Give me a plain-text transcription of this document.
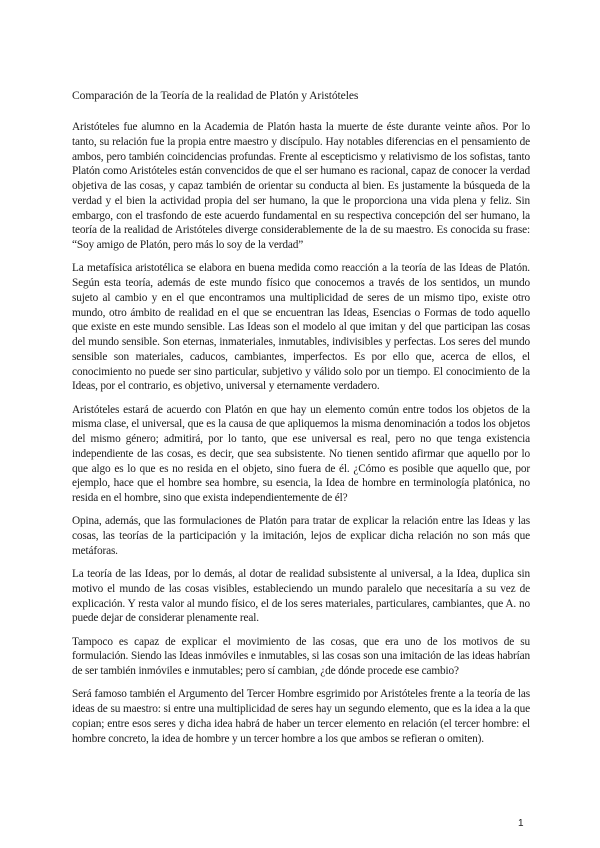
Comparación de la Teoría de la realidad de Platón y Aristóteles

Aristóteles fue alumno en la Academia de Platón hasta la muerte de éste durante veinte años. Por lo tanto, su relación fue la propia entre maestro y discípulo. Hay notables diferencias en el pensamiento de ambos, pero también coincidencias profundas. Frente al escepticismo y relativismo de los sofistas, tanto Platón como Aristóteles están convencidos de que el ser humano es racional, capaz de conocer la verdad objetiva de las cosas, y capaz también de orientar su conducta al bien. Es justamente la búsqueda de la verdad y el bien la actividad propia del ser humano, la que le proporciona una vida plena y feliz. Sin embargo, con el trasfondo de este acuerdo fundamental en su respectiva concepción del ser humano, la teoría de la realidad de Aristóteles diverge considerablemente de la de su maestro. Es conocida su frase: “Soy amigo de Platón, pero más lo soy de la verdad”

La metafísica aristotélica se elabora en buena medida como reacción a la teoría de las Ideas de Platón. Según esta teoría, además de este mundo físico que conocemos a través de los sentidos, un mundo sujeto al cambio y en el que encontramos una multiplicidad de seres de un mismo tipo, existe otro mundo, otro ámbito de realidad en el que se encuentran las Ideas, Esencias o Formas de todo aquello que existe en este mundo sensible. Las Ideas son el modelo al que imitan y del que participan las cosas del mundo sensible. Son eternas, inmateriales, inmutables, indivisibles y perfectas. Los seres del mundo sensible son materiales, caducos, cambiantes, imperfectos. Es por ello que, acerca de ellos, el conocimiento no puede ser sino particular, subjetivo y válido solo por un tiempo. El conocimiento de la Ideas, por el contrario, es objetivo, universal y eternamente verdadero.

Aristóteles estará de acuerdo con Platón en que hay un elemento común entre todos los objetos de la misma clase, el universal, que es la causa de que apliquemos la misma denominación a todos los objetos del mismo género; admitirá, por lo tanto, que ese universal es real, pero no que tenga existencia independiente de las cosas, es decir, que sea subsistente. No tienen sentido afirmar que aquello por lo que algo es lo que es no resida en el objeto, sino fuera de él. ¿Cómo es posible que aquello que, por ejemplo, hace que el hombre sea hombre, su esencia, la Idea de hombre en terminología platónica, no resida en el hombre, sino que exista independientemente de él?

Opina, además, que las formulaciones de Platón para tratar de explicar la relación entre las Ideas y las cosas, las teorías de la participación y la imitación, lejos de explicar dicha relación no son más que metáforas.

La teoría de las Ideas, por lo demás, al dotar de realidad subsistente al universal, a la Idea, duplica sin motivo el mundo de las cosas visibles, estableciendo un mundo paralelo que necesitaría a su vez de explicación. Y resta valor al mundo físico, el de los seres materiales, particulares, cambiantes, que A. no puede dejar de considerar plenamente real.

Tampoco es capaz de explicar el movimiento de las cosas, que era uno de los motivos de su formulación. Siendo las Ideas inmóviles e inmutables, si las cosas son una imitación de las ideas habrían de ser también inmóviles e inmutables; pero sí cambian, ¿de dónde procede ese cambio?

Será famoso también el Argumento del Tercer Hombre esgrimido por Aristóteles frente a la teoría de las ideas de su maestro: si entre una multiplicidad de seres hay un segundo elemento, que es la idea a la que copian; entre esos seres y dicha idea habrá de haber un tercer elemento en relación (el tercer hombre: el hombre concreto, la idea de hombre y un tercer hombre a los que ambos se refieran o omiten).

1
